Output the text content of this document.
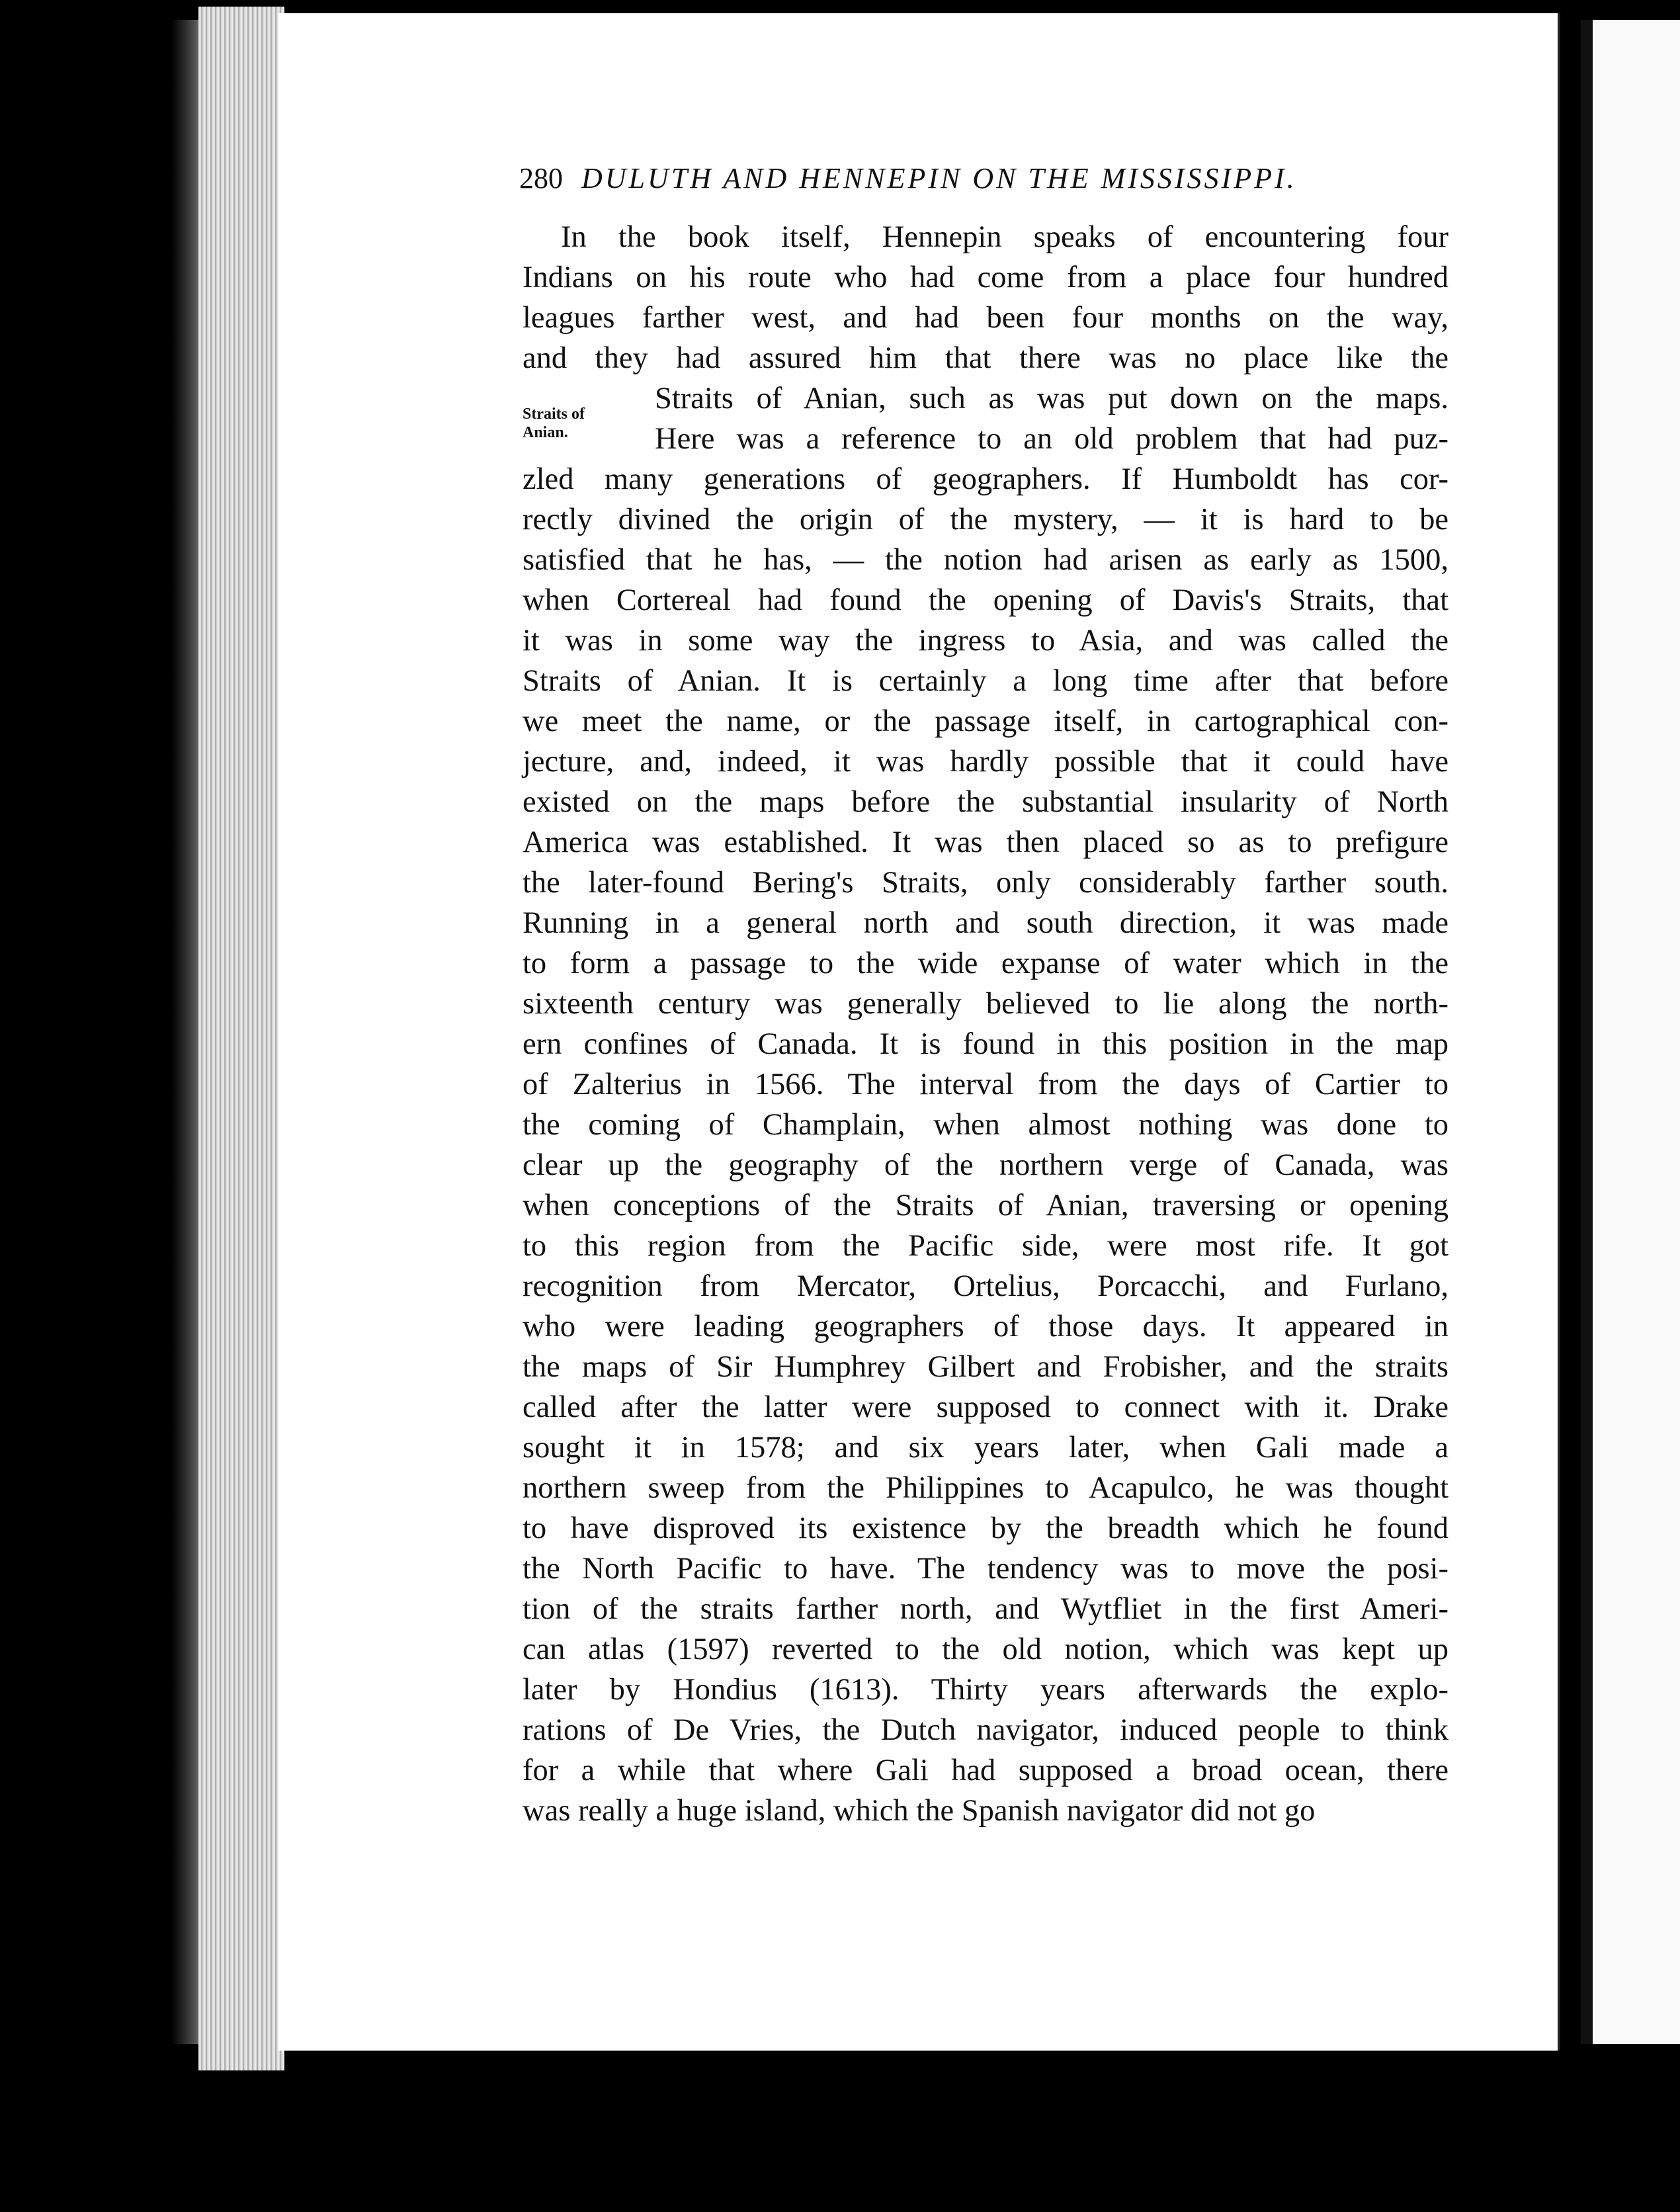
280 DULUTH AND HENNEPIN ON THE MISSISSIPPI.
Straits of
Anian.
In the book itself, Hennepin speaks of encountering four
Indians on his route who had come from a place four hundred
leagues farther west, and had been four months on the way,
and they had assured him that there was no place like the
Straits of Anian, such as was put down on the maps.
Here was a reference to an old problem that had puz-
zled many generations of geographers. If Humboldt has cor-
rectly divined the origin of the mystery, — it is hard to be
satisfied that he has, — the notion had arisen as early as 1500,
when Cortereal had found the opening of Davis's Straits, that
it was in some way the ingress to Asia, and was called the
Straits of Anian. It is certainly a long time after that before
we meet the name, or the passage itself, in cartographical con-
jecture, and, indeed, it was hardly possible that it could have
existed on the maps before the substantial insularity of North
America was established. It was then placed so as to prefigure
the later-found Bering's Straits, only considerably farther south.
Running in a general north and south direction, it was made
to form a passage to the wide expanse of water which in the
sixteenth century was generally believed to lie along the north-
ern confines of Canada. It is found in this position in the map
of Zalterius in 1566. The interval from the days of Cartier to
the coming of Champlain, when almost nothing was done to
clear up the geography of the northern verge of Canada, was
when conceptions of the Straits of Anian, traversing or opening
to this region from the Pacific side, were most rife. It got
recognition from Mercator, Ortelius, Porcacchi, and Furlano,
who were leading geographers of those days. It appeared in
the maps of Sir Humphrey Gilbert and Frobisher, and the straits
called after the latter were supposed to connect with it. Drake
sought it in 1578; and six years later, when Gali made a
northern sweep from the Philippines to Acapulco, he was thought
to have disproved its existence by the breadth which he found
the North Pacific to have. The tendency was to move the posi-
tion of the straits farther north, and Wytfliet in the first Ameri-
can atlas (1597) reverted to the old notion, which was kept up
later by Hondius (1613). Thirty years afterwards the explo-
rations of De Vries, the Dutch navigator, induced people to think
for a while that where Gali had supposed a broad ocean, there
was really a huge island, which the Spanish navigator did not go
